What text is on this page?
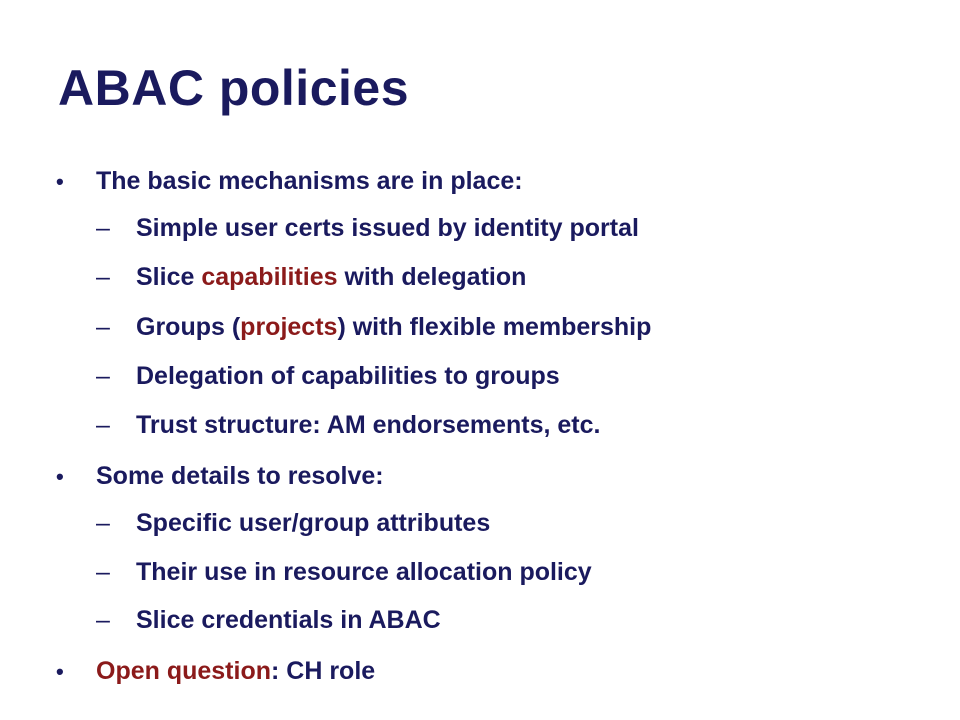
ABAC policies
• The basic mechanisms are in place:
– Simple user certs issued by identity portal
– Slice capabilities with delegation
– Groups (projects) with flexible membership
– Delegation of capabilities to groups
– Trust structure: AM endorsements, etc.
• Some details to resolve:
– Specific user/group attributes
– Their use in resource allocation policy
– Slice credentials in ABAC
• Open question: CH role
